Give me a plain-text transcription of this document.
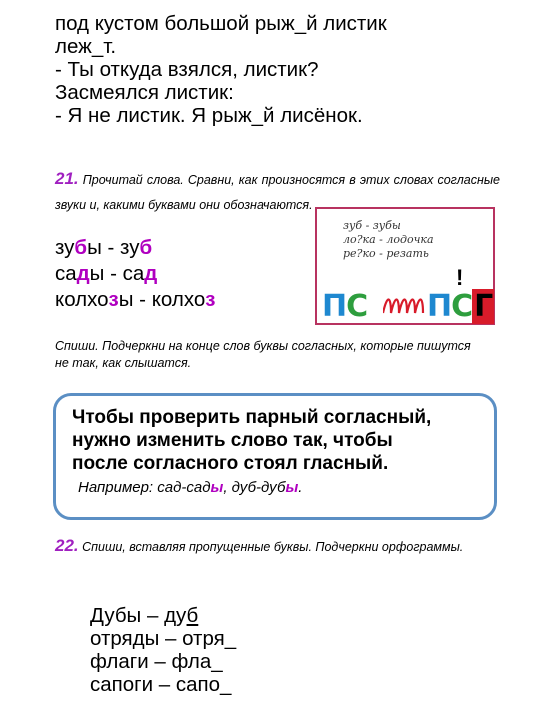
под кустом большой рыж_й листик
леж_т.
- Ты откуда взялся, листик?
Засмеялся листик:
- Я не листик. Я рыж_й лисёнок.
21. Прочитай слова. Сравни, как произносятся в этих словах согласные звуки и, какими буквами они обозначаются.
зубы - зуб
сады - сад
колхозы - колхоз
зуб - зубы
ло?ка - лодочка
ре?ко - резать
!
ПС ПСГ
Спиши. Подчеркни на конце слов буквы согласных, которые пишутся не так, как слышатся.
Чтобы проверить парный согласный,
нужно изменить слово так, чтобы
после согласного стоял гласный.
Например: сад-сады, дуб-дубы.
22. Спиши, вставляя пропущенные буквы. Подчеркни орфограммы.
Дубы – дуб
отряды – отря_
флаги – фла_
сапоги – сапо_
